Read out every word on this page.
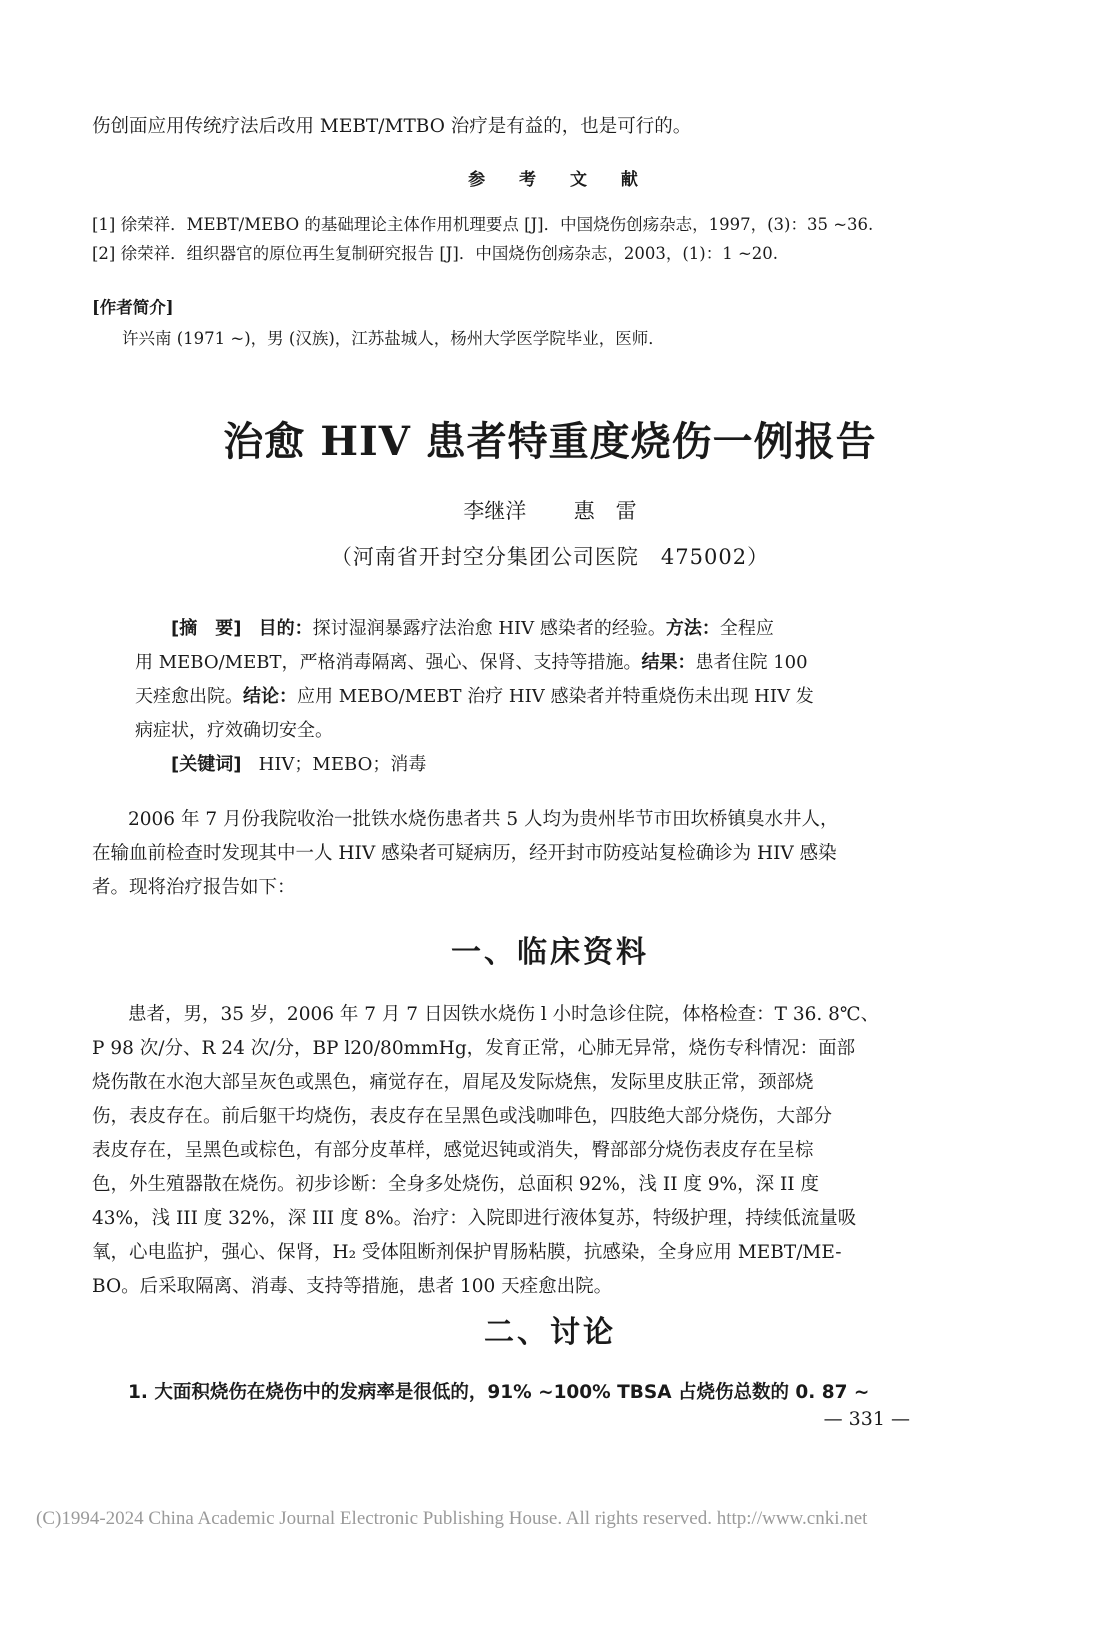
伤创面应用传统疗法后改用 MEBT/MTBO 治疗是有益的，也是可行的。
参 考 文 献
[1] 徐荣祥．MEBT/MEBO 的基础理论主体作用机理要点 [J]．中国烧伤创疡杂志，1997，(3)：35 ~36.
[2] 徐荣祥．组织器官的原位再生复制研究报告 [J]．中国烧伤创疡杂志，2003，(1)：1 ~20.
[作者简介]
许兴南 (1971 ~)，男 (汉族)，江苏盐城人，杨州大学医学院毕业，医师．
治愈 HIV 患者特重度烧伤一例报告
李继洋 惠　雷
（河南省开封空分集团公司医院　475002）
[摘　要] 目的：探讨湿润暴露疗法治愈 HIV 感染者的经验。方法：全程应
用 MEBO/MEBT，严格消毒隔离、强心、保肾、支持等措施。结果：患者住院 100
天痊愈出院。结论：应用 MEBO/MEBT 治疗 HIV 感染者并特重烧伤未出现 HIV 发
病症状，疗效确切安全。
[关键词] HIV；MEBO；消毒
2006 年 7 月份我院收治一批铁水烧伤患者共 5 人均为贵州毕节市田坎桥镇臭水井人，
在输血前检查时发现其中一人 HIV 感染者可疑病历，经开封市防疫站复检确诊为 HIV 感染
者。现将治疗报告如下：
一、临床资料
患者，男，35 岁，2006 年 7 月 7 日因铁水烧伤 l 小时急诊住院，体格检查：T 36. 8℃、
P 98 次/分、R 24 次/分，BP l20/80mmHg，发育正常，心肺无异常，烧伤专科情况：面部
烧伤散在水泡大部呈灰色或黑色，痛觉存在，眉尾及发际烧焦，发际里皮肤正常，颈部烧
伤，表皮存在。前后躯干均烧伤，表皮存在呈黑色或浅咖啡色，四肢绝大部分烧伤，大部分
表皮存在，呈黑色或棕色，有部分皮革样，感觉迟钝或消失，臀部部分烧伤表皮存在呈棕
色，外生殖器散在烧伤。初步诊断：全身多处烧伤，总面积 92%，浅 II 度 9%，深 II 度
43%，浅 III 度 32%，深 III 度 8%。治疗：入院即进行液体复苏，特级护理，持续低流量吸
氧，心电监护，强心、保肾，H₂ 受体阻断剂保护胃肠粘膜，抗感染，全身应用 MEBT/ME-
BO。后采取隔离、消毒、支持等措施，患者 100 天痊愈出院。
二、讨论
1. 大面积烧伤在烧伤中的发病率是很低的，91% ~100% TBSA 占烧伤总数的 0. 87 ~
— 331 —
(C)1994-2024 China Academic Journal Electronic Publishing House. All rights reserved. http://www.cnki.net
